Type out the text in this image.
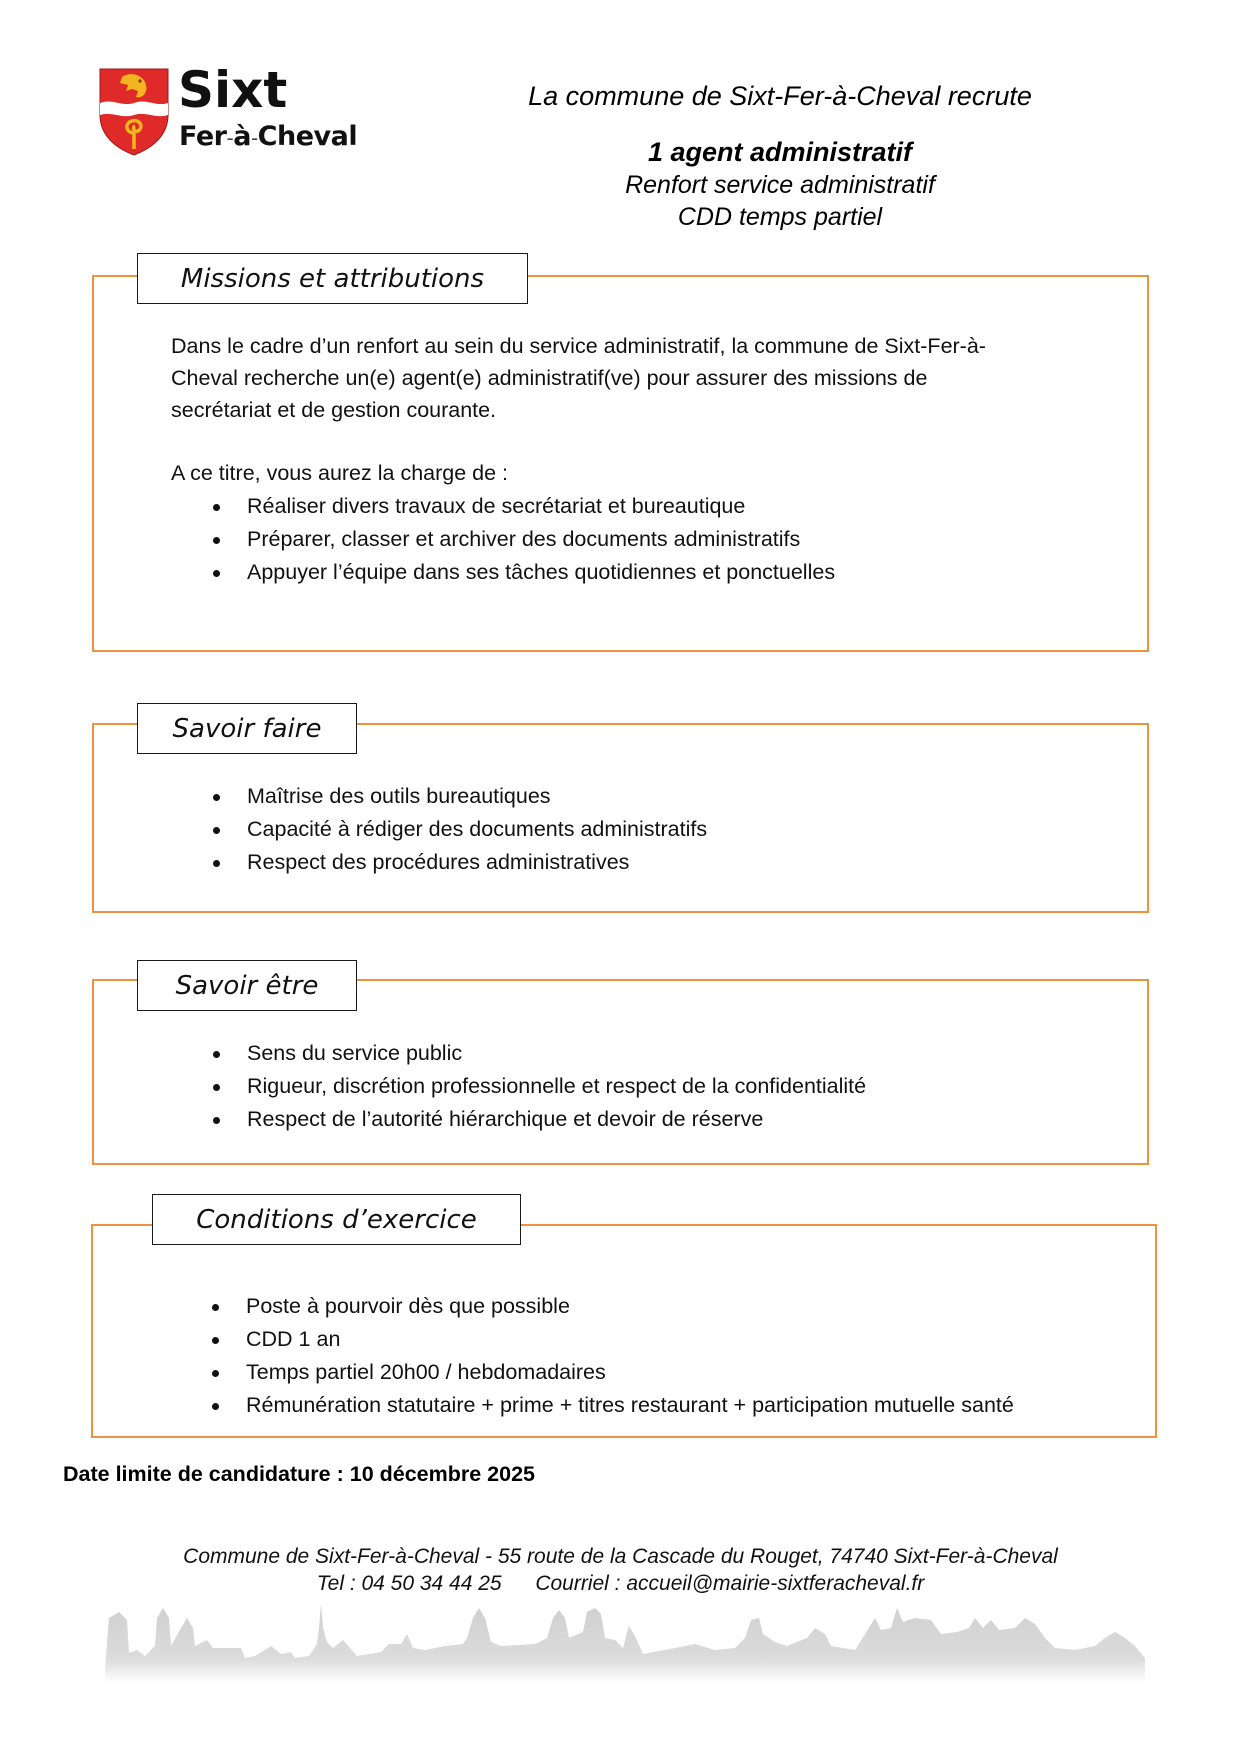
Sixt
Fer-à-Cheval
La commune de Sixt-Fer-à-Cheval recrute
1 agent administratif
Renfort service administratif
CDD temps partiel
Missions et attributions
Dans le cadre d’un renfort au sein du service administratif, la commune de Sixt-Fer-à-
Cheval recherche un(e) agent(e) administratif(ve) pour assurer des missions de
secrétariat et de gestion courante.
A ce titre, vous aurez la charge de :
Réaliser divers travaux de secrétariat et bureautique
Préparer, classer et archiver des documents administratifs
Appuyer l’équipe dans ses tâches quotidiennes et ponctuelles
Savoir faire
Maîtrise des outils bureautiques
Capacité à rédiger des documents administratifs
Respect des procédures administratives
Savoir être
Sens du service public
Rigueur, discrétion professionnelle et respect de la confidentialité
Respect de l’autorité hiérarchique et devoir de réserve
Conditions d’exercice
Poste à pourvoir dès que possible
CDD 1 an
Temps partiel 20h00 / hebdomadaires
Rémunération statutaire + prime + titres restaurant + participation mutuelle santé
Date limite de candidature : 10 décembre 2025
Commune de Sixt-Fer-à-Cheval - 55 route de la Cascade du Rouget, 74740 Sixt-Fer-à-Cheval
Tel : 04 50 34 44 25 Courriel : accueil@mairie-sixtferacheval.fr
